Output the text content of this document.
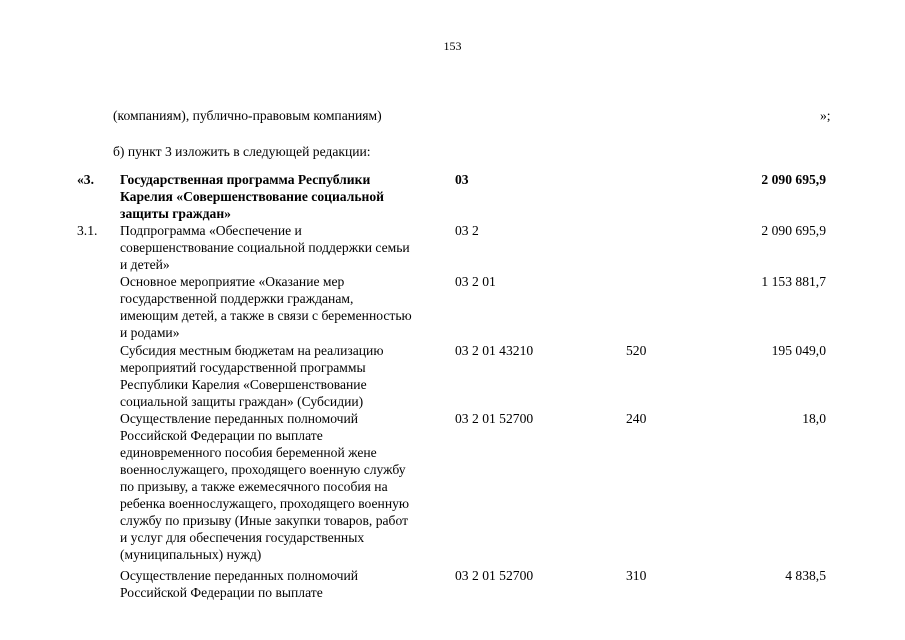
153
(компаниям), публично-правовым компаниям)	»;
б) пункт 3 изложить в следующей редакции:
«3. Государственная программа Республики
Карелия «Совершенствование социальной
защиты граждан»
03	2 090 695,9
3.1. Подпрограмма «Обеспечение и
совершенствование социальной поддержки семьи
и детей»
03 2	2 090 695,9
Основное мероприятие «Оказание мер
государственной поддержки гражданам,
имеющим детей, а также в связи с беременностью
и родами»
03 2 01	1 153 881,7
Субсидия местным бюджетам на реализацию
мероприятий государственной программы
Республики Карелия «Совершенствование
социальной защиты граждан» (Субсидии)
03 2 01 43210	520	195 049,0
Осуществление переданных полномочий
Российской Федерации по выплате
единовременного пособия беременной жене
военнослужащего, проходящего военную службу
по призыву, а также ежемесячного пособия на
ребенка военнослужащего, проходящего военную
службу по призыву (Иные закупки товаров, работ
и услуг для обеспечения государственных
(муниципальных) нужд)
03 2 01 52700	240	18,0
Осуществление переданных полномочий
Российской Федерации по выплате
03 2 01 52700	310	4 838,5
